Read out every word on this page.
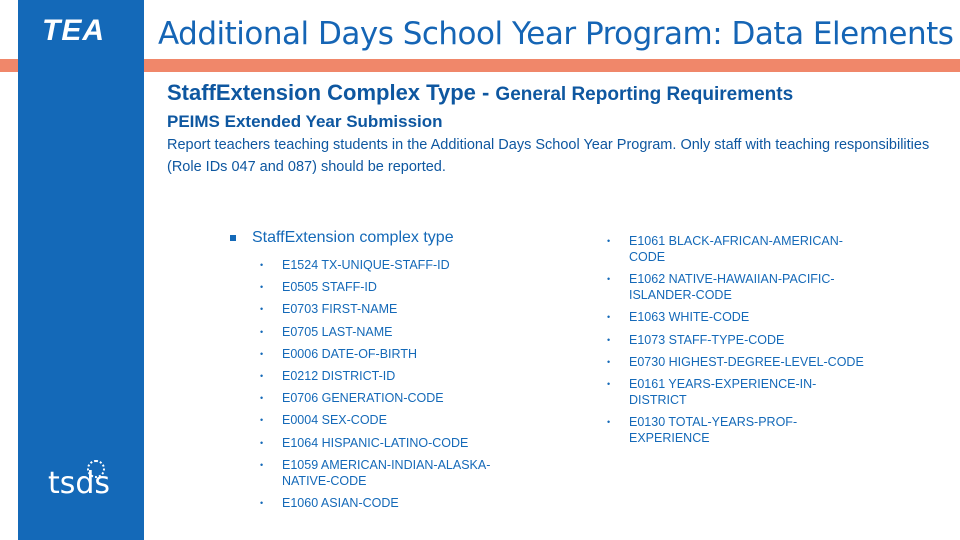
TEA
tsds
Additional Days School Year Program: Data Elements
StaffExtension Complex Type - General Reporting Requirements
PEIMS Extended Year Submission
Report teachers teaching students in the Additional Days School Year Program. Only staff with teaching responsibilities (Role IDs 047 and 087) should be reported.
StaffExtension complex type
• E1524 TX-UNIQUE-STAFF-ID
• E0505 STAFF-ID
• E0703 FIRST-NAME
• E0705 LAST-NAME
• E0006 DATE-OF-BIRTH
• E0212 DISTRICT-ID
• E0706 GENERATION-CODE
• E0004 SEX-CODE
• E1064 HISPANIC-LATINO-CODE
• E1059 AMERICAN-INDIAN-ALASKA-NATIVE-CODE
• E1060 ASIAN-CODE
• E1061 BLACK-AFRICAN-AMERICAN-CODE
• E1062 NATIVE-HAWAIIAN-PACIFIC-ISLANDER-CODE
• E1063 WHITE-CODE
• E1073 STAFF-TYPE-CODE
• E0730 HIGHEST-DEGREE-LEVEL-CODE
• E0161 YEARS-EXPERIENCE-IN-DISTRICT
• E0130 TOTAL-YEARS-PROF-EXPERIENCE
